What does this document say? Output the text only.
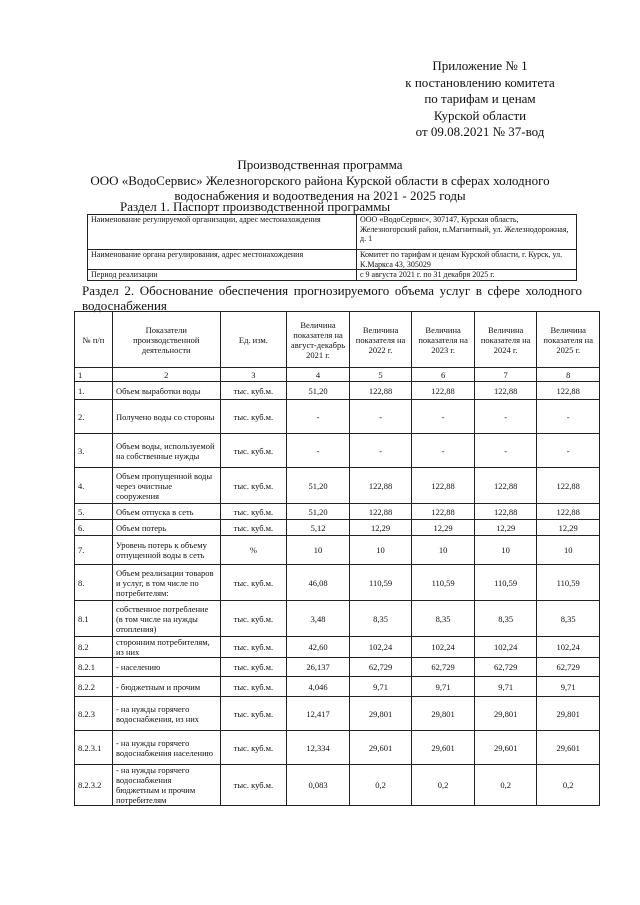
Приложение № 1
к постановлению комитета
по тарифам и ценам
Курской области
от 09.08.2021 № 37-вод
Производственная программа
ООО «ВодоСервис» Железногорского района Курской области в сферах холодного
водоснабжения и водоотведения на 2021 - 2025 годы
Раздел 1. Паспорт производственной программы
Наименование регулируемой организации, адрес местонахождения	ООО «ВодоСервис», 307147, Курская область, Железногорский район, п.Магнитный, ул. Железнодорожная, д. 1
Наименование органа регулирования, адрес местонахождения	Комитет по тарифам и ценам Курской области, г. Курск, ул. К.Маркса 43, 305029
Период реализации	с 9 августа 2021 г. по 31 декабря 2025 г.
Раздел 2. Обоснование обеспечения прогнозируемого объема услуг в сфере холодного водоснабжения
№ п/п	Показатели производственной деятельности	Ед. изм.	Величина показателя на август-декабрь 2021 г.	Величина показателя на 2022 г.	Величина показателя на 2023 г.	Величина показателя на 2024 г.	Величина показателя на 2025 г.
1	2	3	4	5	6	7	8
1.	Объем выработки воды	тыс. куб.м.	51,20	122,88	122,88	122,88	122,88
2.	Получено воды со стороны	тыс. куб.м.	-	-	-	-	-
3.	Объем воды, используемой на собственные нужды	тыс. куб.м.	-	-	-	-	-
4.	Объем пропущенной воды через очистные сооружения	тыс. куб.м.	51,20	122,88	122,88	122,88	122,88
5.	Объем отпуска в сеть	тыс. куб.м.	51,20	122,88	122,88	122,88	122,88
6.	Объем потерь	тыс. куб.м.	5,12	12,29	12,29	12,29	12,29
7.	Уровень потерь к объему отпущенной воды в сеть	%	10	10	10	10	10
8.	Объем реализации товаров и услуг, в том числе по потребителям:	тыс. куб.м.	46,08	110,59	110,59	110,59	110,59
8.1	собственное потребление (в том числе на нужды отопления)	тыс. куб.м.	3,48	8,35	8,35	8,35	8,35
8.2	сторонним потребителям, из них	тыс. куб.м.	42,60	102,24	102,24	102,24	102,24
8.2.1	- населению	тыс. куб.м.	26,137	62,729	62,729	62,729	62,729
8.2.2	- бюджетным и прочим	тыс. куб.м.	4,046	9,71	9,71	9,71	9,71
8.2.3	- на нужды горячего водоснабжения, из них	тыс. куб.м.	12,417	29,801	29,801	29,801	29,801
8.2.3.1	- на нужды горячего водоснабжения населению	тыс. куб.м.	12,334	29,601	29,601	29,601	29,601
8.2.3.2	- на нужды горячего водоснабжения бюджетным и прочим потребителям	тыс. куб.м.	0,083	0,2	0,2	0,2	0,2
